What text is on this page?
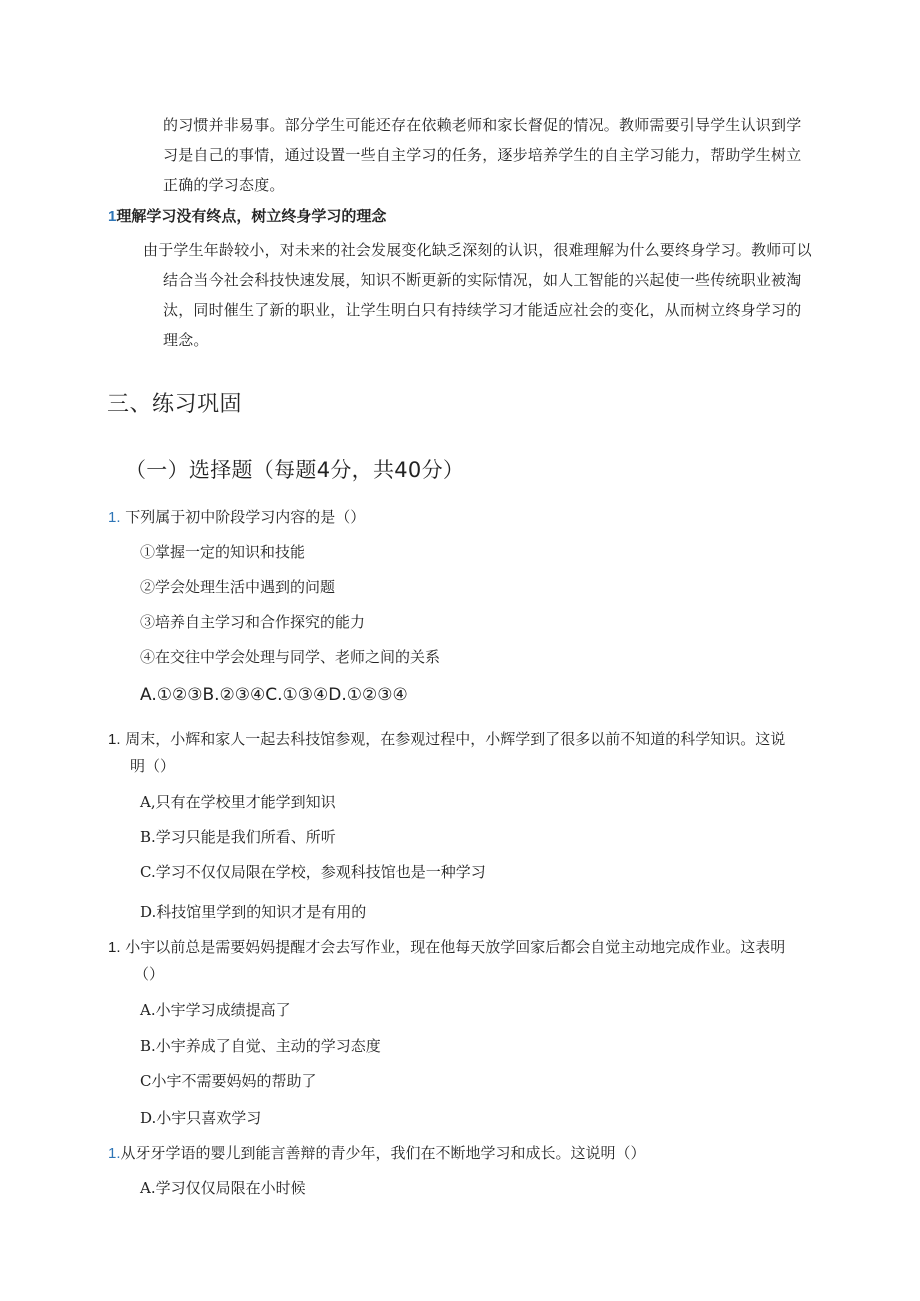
的习惯并非易事。部分学生可能还存在依赖老师和家长督促的情况。教师需要引导学生认识到学习是自己的事情，通过设置一些自主学习的任务，逐步培养学生的自主学习能力，帮助学生树立正确的学习态度。
1理解学习没有终点，树立终身学习的理念
由于学生年龄较小，对未来的社会发展变化缺乏深刻的认识，很难理解为什么要终身学习。教师可以结合当今社会科技快速发展，知识不断更新的实际情况，如人工智能的兴起使一些传统职业被淘汰，同时催生了新的职业，让学生明白只有持续学习才能适应社会的变化，从而树立终身学习的理念。
三、练习巩固
（一）选择题（每题4分，共40分）
1. 下列属于初中阶段学习内容的是（）
①掌握一定的知识和技能
②学会处理生活中遇到的问题
③培养自主学习和合作探究的能力
④在交往中学会处理与同学、老师之间的关系
A.①②③B.②③④C.①③④D.①②③④
1. 周末，小辉和家人一起去科技馆参观，在参观过程中，小辉学到了很多以前不知道的科学知识。这说
明（）
A,只有在学校里才能学到知识
B.学习只能是我们所看、所听
C.学习不仅仅局限在学校，参观科技馆也是一种学习
D.科技馆里学到的知识才是有用的
1. 小宇以前总是需要妈妈提醒才会去写作业，现在他每天放学回家后都会自觉主动地完成作业。这表明
（）
A.小宇学习成绩提高了
B.小宇养成了自觉、主动的学习态度
C小宇不需要妈妈的帮助了
D.小宇只喜欢学习
1.从牙牙学语的婴儿到能言善辩的青少年，我们在不断地学习和成长。这说明（）
A.学习仅仅局限在小时候
